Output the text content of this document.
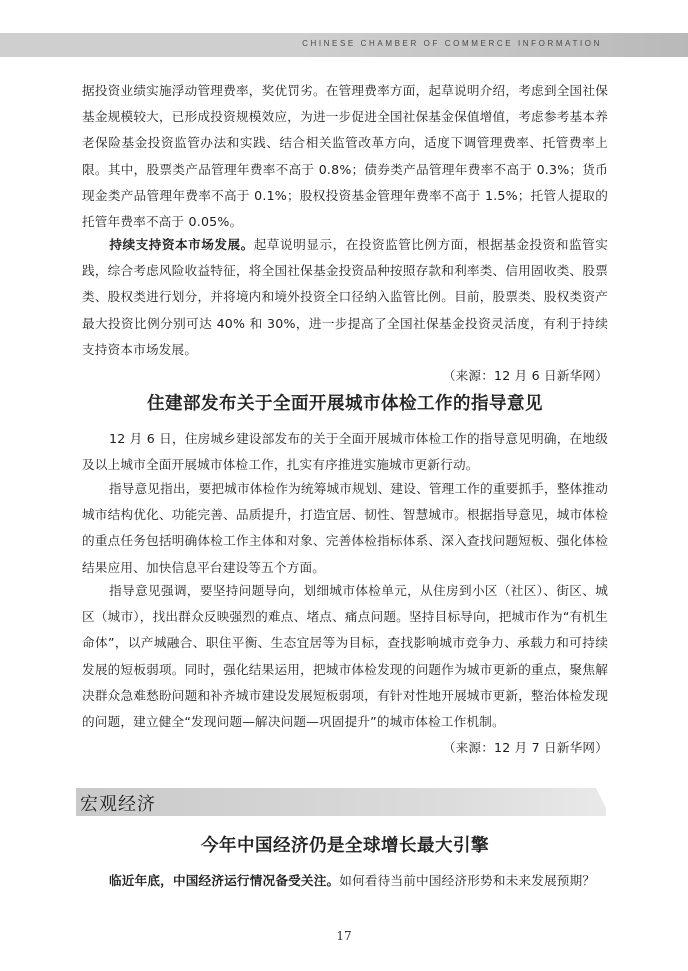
CHINESE CHAMBER OF COMMERCE INFORMATION
据投资业绩实施浮动管理费率，奖优罚劣。在管理费率方面，起草说明介绍，考虑到全国社保基金规模较大，已形成投资规模效应，为进一步促进全国社保基金保值增值，考虑参考基本养老保险基金投资监管办法和实践、结合相关监管改革方向，适度下调管理费率、托管费率上限。其中，股票类产品管理年费率不高于 0.8%；债券类产品管理年费率不高于 0.3%；货币现金类产品管理年费率不高于 0.1%；股权投资基金管理年费率不高于 1.5%；托管人提取的托管年费率不高于 0.05%。
持续支持资本市场发展。起草说明显示，在投资监管比例方面，根据基金投资和监管实践，综合考虑风险收益特征，将全国社保基金投资品种按照存款和利率类、信用固收类、股票类、股权类进行划分，并将境内和境外投资全口径纳入监管比例。目前，股票类、股权类资产最大投资比例分别可达 40% 和 30%，进一步提高了全国社保基金投资灵活度，有利于持续支持资本市场发展。
（来源：12 月 6 日新华网）
住建部发布关于全面开展城市体检工作的指导意见
12 月 6 日，住房城乡建设部发布的关于全面开展城市体检工作的指导意见明确，在地级及以上城市全面开展城市体检工作，扎实有序推进实施城市更新行动。
指导意见指出，要把城市体检作为统筹城市规划、建设、管理工作的重要抓手，整体推动城市结构优化、功能完善、品质提升，打造宜居、韧性、智慧城市。根据指导意见，城市体检的重点任务包括明确体检工作主体和对象、完善体检指标体系、深入查找问题短板、强化体检结果应用、加快信息平台建设等五个方面。
指导意见强调，要坚持问题导向，划细城市体检单元，从住房到小区（社区）、街区、城区（城市），找出群众反映强烈的难点、堵点、痛点问题。坚持目标导向，把城市作为“有机生命体”，以产城融合、职住平衡、生态宜居等为目标，查找影响城市竞争力、承载力和可持续发展的短板弱项。同时，强化结果运用，把城市体检发现的问题作为城市更新的重点，聚焦解决群众急难愁盼问题和补齐城市建设发展短板弱项，有针对性地开展城市更新，整治体检发现的问题，建立健全“发现问题—解决问题—巩固提升”的城市体检工作机制。
（来源：12 月 7 日新华网）
宏观经济
今年中国经济仍是全球增长最大引擎
临近年底，中国经济运行情况备受关注。如何看待当前中国经济形势和未来发展预期？
17
